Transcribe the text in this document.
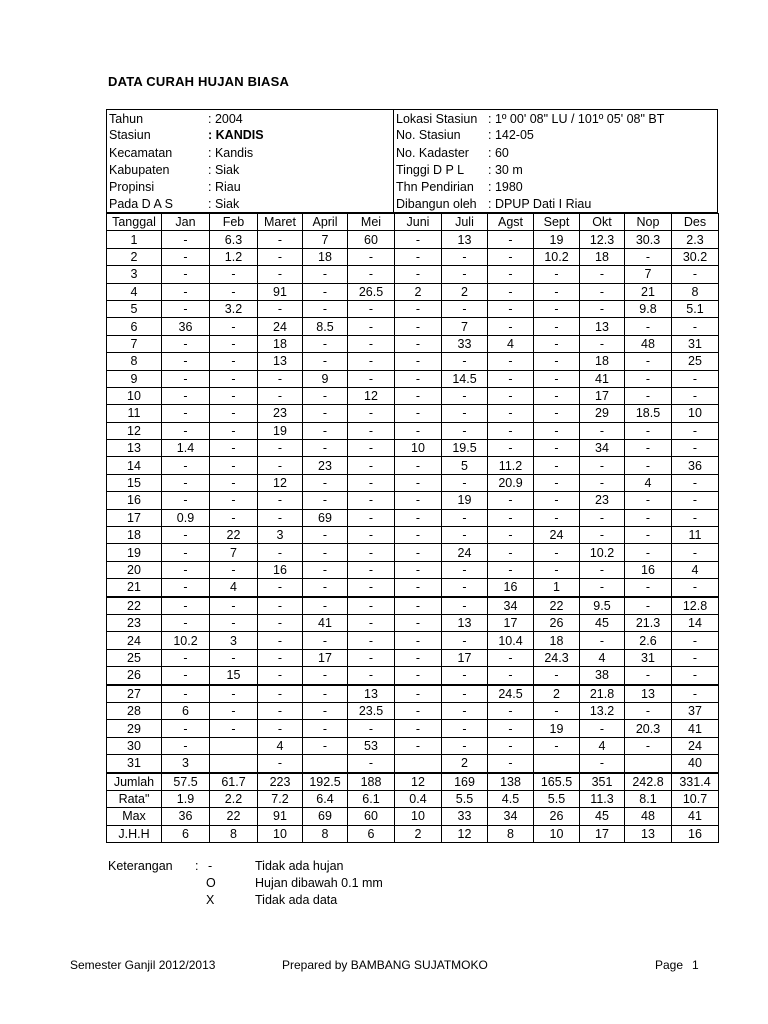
DATA CURAH HUJAN BIASA
Tahun	: 2004	Lokasi Stasiun : 1º 00' 08" LU / 101º 05' 08" BT
Stasiun	: KANDIS	No. Stasiun : 142-05
Kecamatan	: Kandis	No. Kadaster : 60
Kabupaten	: Siak	Tinggi D P L : 30 m
Propinsi	: Riau	Thn Pendirian : 1980
Pada D A S	: Siak	Dibangun oleh : DPUP Dati I Riau
Tanggal	Jan	Feb	Maret	April	Mei	Juni	Juli	Agst	Sept	Okt	Nop	Des
1	-	6.3	-	7	60	-	13	-	19	12.3	30.3	2.3
2	-	1.2	-	18	-	-	-	-	10.2	18	-	30.2
3	-	-	-	-	-	-	-	-	-	-	7	-
4	-	-	91	-	26.5	2	2	-	-	-	21	8
5	-	3.2	-	-	-	-	-	-	-	-	9.8	5.1
6	36	-	24	8.5	-	-	7	-	-	13	-	-
7	-	-	18	-	-	-	33	4	-	-	48	31
8	-	-	13	-	-	-	-	-	-	18	-	25
9	-	-	-	9	-	-	14.5	-	-	41	-	-
10	-	-	-	-	12	-	-	-	-	17	-	-
11	-	-	23	-	-	-	-	-	-	29	18.5	10
12	-	-	19	-	-	-	-	-	-	-	-	-
13	1.4	-	-	-	-	10	19.5	-	-	34	-	-
14	-	-	-	23	-	-	5	11.2	-	-	-	36
15	-	-	12	-	-	-	-	20.9	-	-	4	-
16	-	-	-	-	-	-	19	-	-	23	-	-
17	0.9	-	-	69	-	-	-	-	-	-	-	-
18	-	22	3	-	-	-	-	-	24	-	-	11
19	-	7	-	-	-	-	24	-	-	10.2	-	-
20	-	-	16	-	-	-	-	-	-	-	16	4
21	-	4	-	-	-	-	-	16	1	-	-	-
22	-	-	-	-	-	-	-	34	22	9.5	-	12.8
23	-	-	-	41	-	-	13	17	26	45	21.3	14
24	10.2	3	-	-	-	-	-	10.4	18	-	2.6	-
25	-	-	-	17	-	-	17	-	24.3	4	31	-
26	-	15	-	-	-	-	-	-	-	38	-	-
27	-	-	-	-	13	-	-	24.5	2	21.8	13	-
28	6	-	-	-	23.5	-	-	-	-	13.2	-	37
29	-	-	-	-	-	-	-	-	19	-	20.3	41
30	-		4	-	53	-	-	-	-	4	-	24
31	3		-		-		2	-		-		40
Jumlah	57.5	61.7	223	192.5	188	12	169	138	165.5	351	242.8	331.4
Rata"	1.9	2.2	7.2	6.4	6.1	0.4	5.5	4.5	5.5	11.3	8.1	10.7
Max	36	22	91	69	60	10	33	34	26	45	48	41
J.H.H	6	8	10	8	6	2	12	8	10	17	13	16
Keterangan : -	Tidak ada hujan
O	Hujan dibawah 0.1 mm
X	Tidak ada data
Semester Ganjil 2012/2013	Prepared by BAMBANG SUJATMOKO	Page 1
